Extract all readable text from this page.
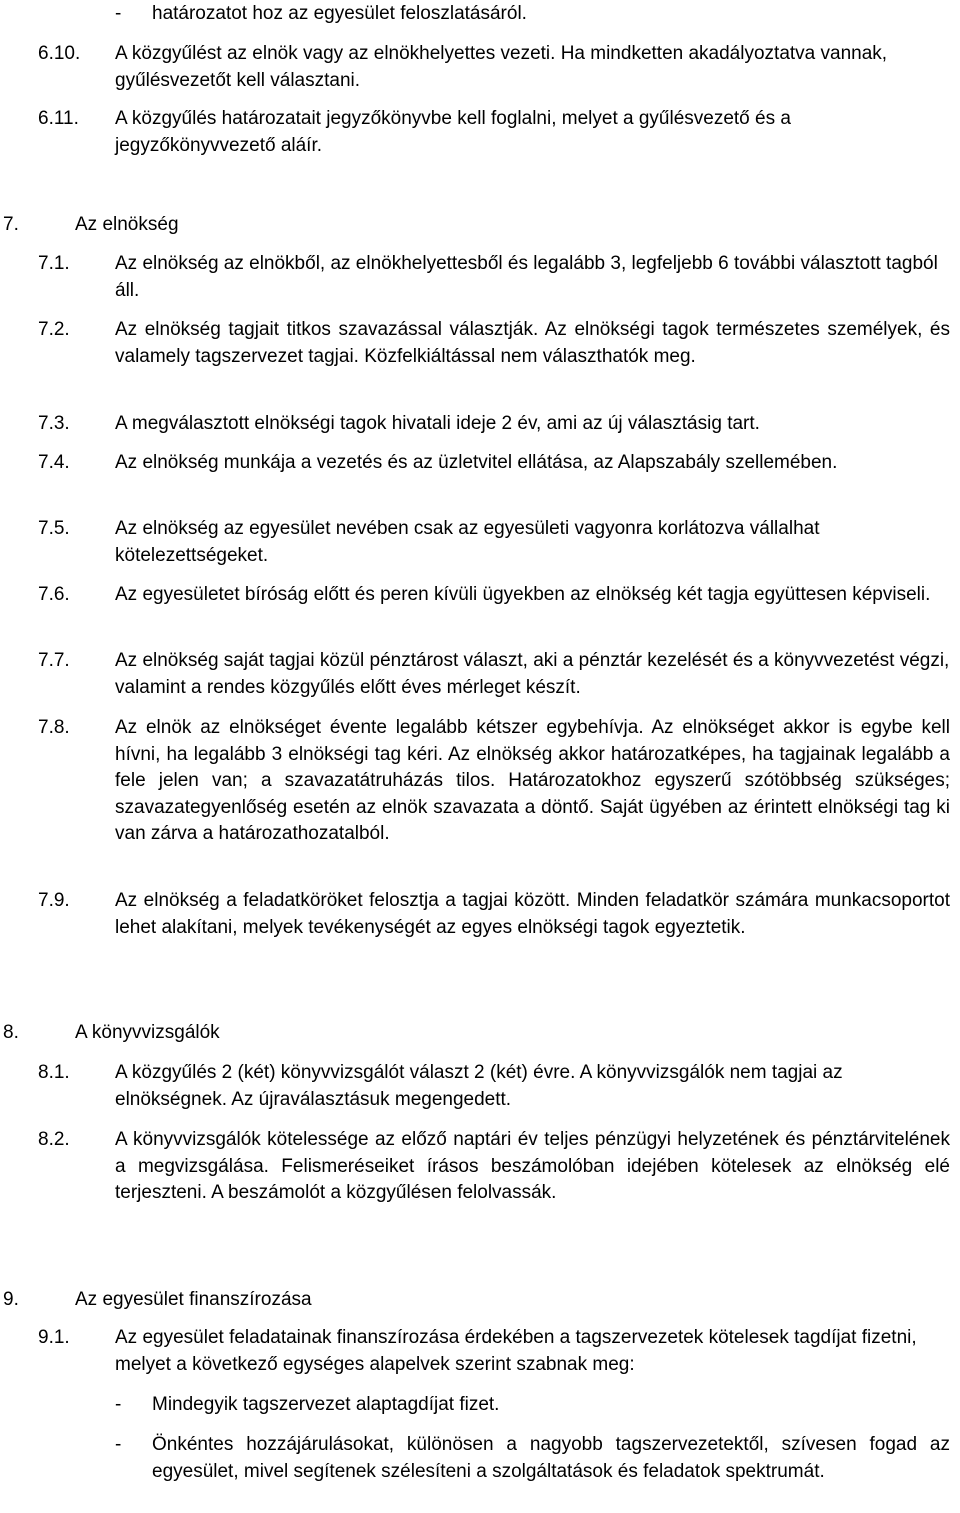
- határozatot hoz az egyesület feloszlatásáról.
6.10. A közgyűlést az elnök vagy az elnökhelyettes vezeti. Ha mindketten akadályoztatva vannak, gyűlésvezetőt kell választani.
6.11. A közgyűlés határozatait jegyzőkönyvbe kell foglalni, melyet a gyűlésvezető és a jegyzőkönyvvezető aláír.
7.	Az elnökség
7.1. Az elnökség az elnökből, az elnökhelyettesből és legalább 3, legfeljebb 6 további választott tagból áll.
7.2. Az elnökség tagjait titkos szavazással választják. Az elnökségi tagok természetes személyek, és valamely tagszervezet tagjai. Közfelkiáltással nem választhatók meg.
7.3. A megválasztott elnökségi tagok hivatali ideje 2 év, ami az új választásig tart.
7.4. Az elnökség munkája a vezetés és az üzletvitel ellátása, az Alapszabály szellemében.
7.5. Az elnökség az egyesület nevében csak az egyesületi vagyonra korlátozva vállalhat kötelezettségeket.
7.6. Az egyesületet bíróság előtt és peren kívüli ügyekben az elnökség két tagja együttesen képviseli.
7.7. Az elnökség saját tagjai közül pénztárost választ, aki a pénztár kezelését és a könyvvezetést végzi, valamint a rendes közgyűlés előtt éves mérleget készít.
7.8. Az elnök az elnökséget évente legalább kétszer egybehívja. Az elnökséget akkor is egybe kell hívni, ha legalább 3 elnökségi tag kéri. Az elnökség akkor határozatképes, ha tagjainak legalább a fele jelen van; a szavazatátruházás tilos. Határozatokhoz egyszerű szótöbbség szükséges; szavazategyenlőség esetén az elnök szavazata a döntő. Saját ügyében az érintett elnökségi tag ki van zárva a határozathozatalból.
7.9. Az elnökség a feladatköröket felosztja a tagjai között. Minden feladatkör számára munkacsoportot lehet alakítani, melyek tevékenységét az egyes elnökségi tagok egyeztetik.
8.	A könyvvizsgálók
8.1. A közgyűlés 2 (két) könyvvizsgálót választ 2 (két) évre. A könyvvizsgálók nem tagjai az elnökségnek. Az újraválasztásuk megengedett.
8.2. A könyvvizsgálók kötelessége az előző naptári év teljes pénzügyi helyzetének és pénztárvitelének a megvizsgálása. Felismeréseiket írásos beszámolóban idejében kötelesek az elnökség elé terjeszteni. A beszámolót a közgyűlésen felolvassák.
9.	Az egyesület finanszírozása
9.1. Az egyesület feladatainak finanszírozása érdekében a tagszervezetek kötelesek tagdíjat fizetni, melyet a következő egységes alapelvek szerint szabnak meg:
- Mindegyik tagszervezet alaptagdíjat fizet.
- Önkéntes hozzájárulásokat, különösen a nagyobb tagszervezetektől, szívesen fogad az egyesület, mivel segítenek szélesíteni a szolgáltatások és feladatok spektrumát.
